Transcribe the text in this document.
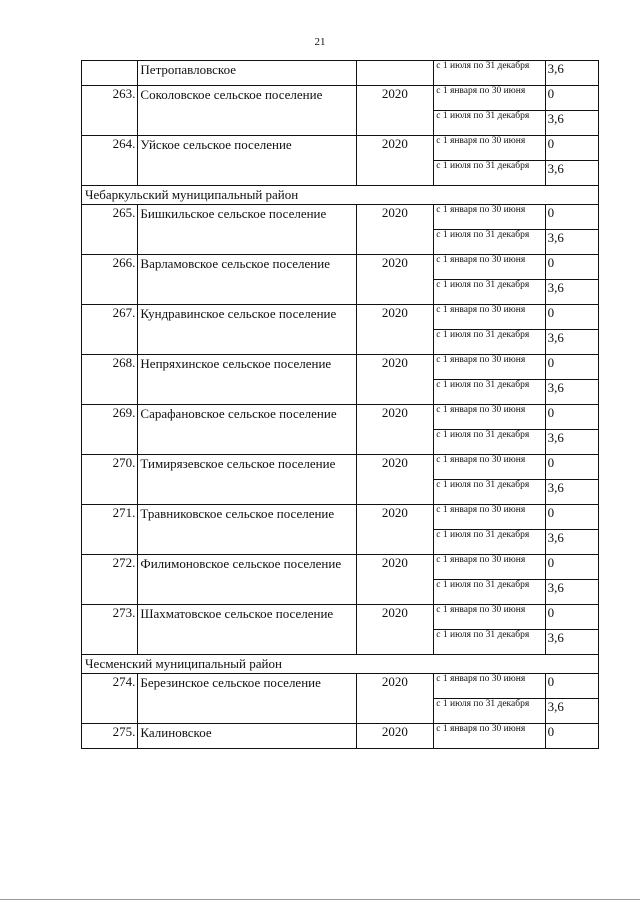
21
	Петропавловское		с 1 июля по 31 декабря	3,6
263.	Соколовское сельское поселение	2020	с 1 января по 30 июня	0
			с 1 июля по 31 декабря	3,6
264.	Уйское сельское поселение	2020	с 1 января по 30 июня	0
			с 1 июля по 31 декабря	3,6
Чебаркульский муниципальный район				
265.	Бишкильское сельское поселение	2020	с 1 января по 30 июня	0
			с 1 июля по 31 декабря	3,6
266.	Варламовское сельское поселение	2020	с 1 января по 30 июня	0
			с 1 июля по 31 декабря	3,6
267.	Кундравинское сельское поселение	2020	с 1 января по 30 июня	0
			с 1 июля по 31 декабря	3,6
268.	Непряхинское сельское поселение	2020	с 1 января по 30 июня	0
			с 1 июля по 31 декабря	3,6
269.	Сарафановское сельское поселение	2020	с 1 января по 30 июня	0
			с 1 июля по 31 декабря	3,6
270.	Тимирязевское сельское поселение	2020	с 1 января по 30 июня	0
			с 1 июля по 31 декабря	3,6
271.	Травниковское сельское поселение	2020	с 1 января по 30 июня	0
			с 1 июля по 31 декабря	3,6
272.	Филимоновское сельское поселение	2020	с 1 января по 30 июня	0
			с 1 июля по 31 декабря	3,6
273.	Шахматовское сельское поселение	2020	с 1 января по 30 июня	0
			с 1 июля по 31 декабря	3,6
Чесменский муниципальный район				
274.	Березинское сельское поселение	2020	с 1 января по 30 июня	0
			с 1 июля по 31 декабря	3,6
275.	Калиновское	2020	с 1 января по 30 июня	0
